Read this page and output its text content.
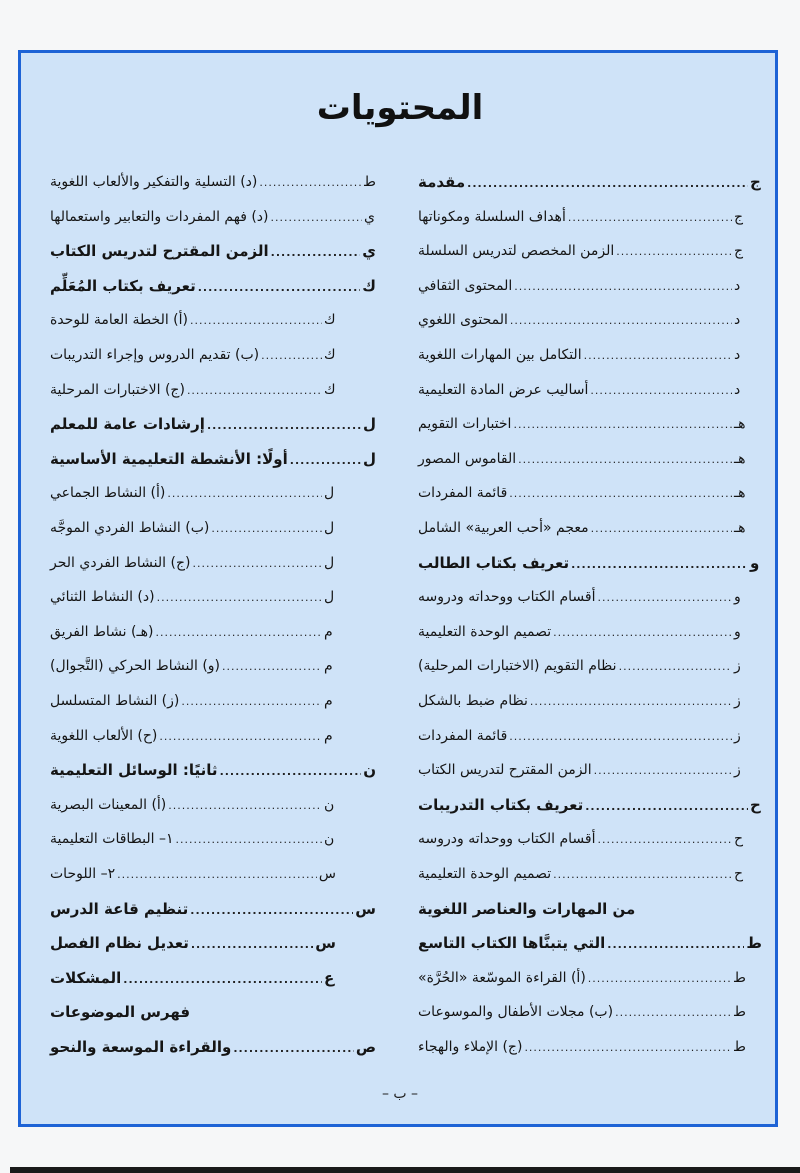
المحتويات
مقدمة .....	ج
أهداف السلسلة ومكوناتها .....	ج
الزمن المخصص لتدريس السلسلة .....	ج
المحتوى الثقافي .....	د
المحتوى اللغوي .....	د
التكامل بين المهارات اللغوية .....	د
أساليب عرض المادة التعليمية .....	د
اختبارات التقويم .....	هـ
القاموس المصور .....	هـ
قائمة المفردات .....	هـ
معجم «أحب العربية» الشامل .....	هـ
تعريف بكتاب الطالب .....	و
أقسام الكتاب ووحداته ودروسه .....	و
تصميم الوحدة التعليمية .....	و
نظام التقويم (الاختبارات المرحلية) .....	ز
نظام ضبط بالشكل .....	ز
قائمة المفردات .....	ز
الزمن المقترح لتدريس الكتاب .....	ز
تعريف بكتاب التدريبات .....	ح
أقسام الكتاب ووحداته ودروسه .....	ح
تصميم الوحدة التعليمية .....	ح
من المهارات والعناصر اللغوية
التي يتبنَّاها الكتاب التاسع .....	ط
(أ) القراءة الموسّعة «الحُرَّة» .....	ط
(ب) مجلات الأطفال والموسوعات .....	ط
(ج) الإملاء والهجاء .....	ط
(د) التسلية والتفكير والألعاب اللغوية .....	ط
(د) فهم المفردات والتعابير واستعمالها .....	ي
الزمن المقترح لتدريس الكتاب .....	ي
تعريف بكتاب المُعَلِّم .....	ك
(أ) الخطة العامة للوحدة .....	ك
(ب) تقديم الدروس وإجراء التدريبات .....	ك
(ج) الاختبارات المرحلية .....	ك
إرشادات عامة للمعلم .....	ل
أولًا: الأنشطة التعليمية الأساسية .....	ل
(أ) النشاط الجماعي .....	ل
(ب) النشاط الفردي الموجَّه .....	ل
(ج) النشاط الفردي الحر .....	ل
(د) النشاط الثنائي .....	ل
(هـ) نشاط الفريق .....	م
(و) النشاط الحركي (التَّجوال) .....	م
(ز) النشاط المتسلسل .....	م
(ح) الألعاب اللغوية .....	م
ثانيًا: الوسائل التعليمية .....	ن
(أ) المعينات البصرية .....	ن
١– البطاقات التعليمية .....	ن
٢– اللوحات .....	س
تنظيم قاعة الدرس .....	س
تعديل نظام الفصل .....	س
المشكلات .....	ع
فهرس الموضوعات
والقراءة الموسعة والنحو .....	ص
– ب –
